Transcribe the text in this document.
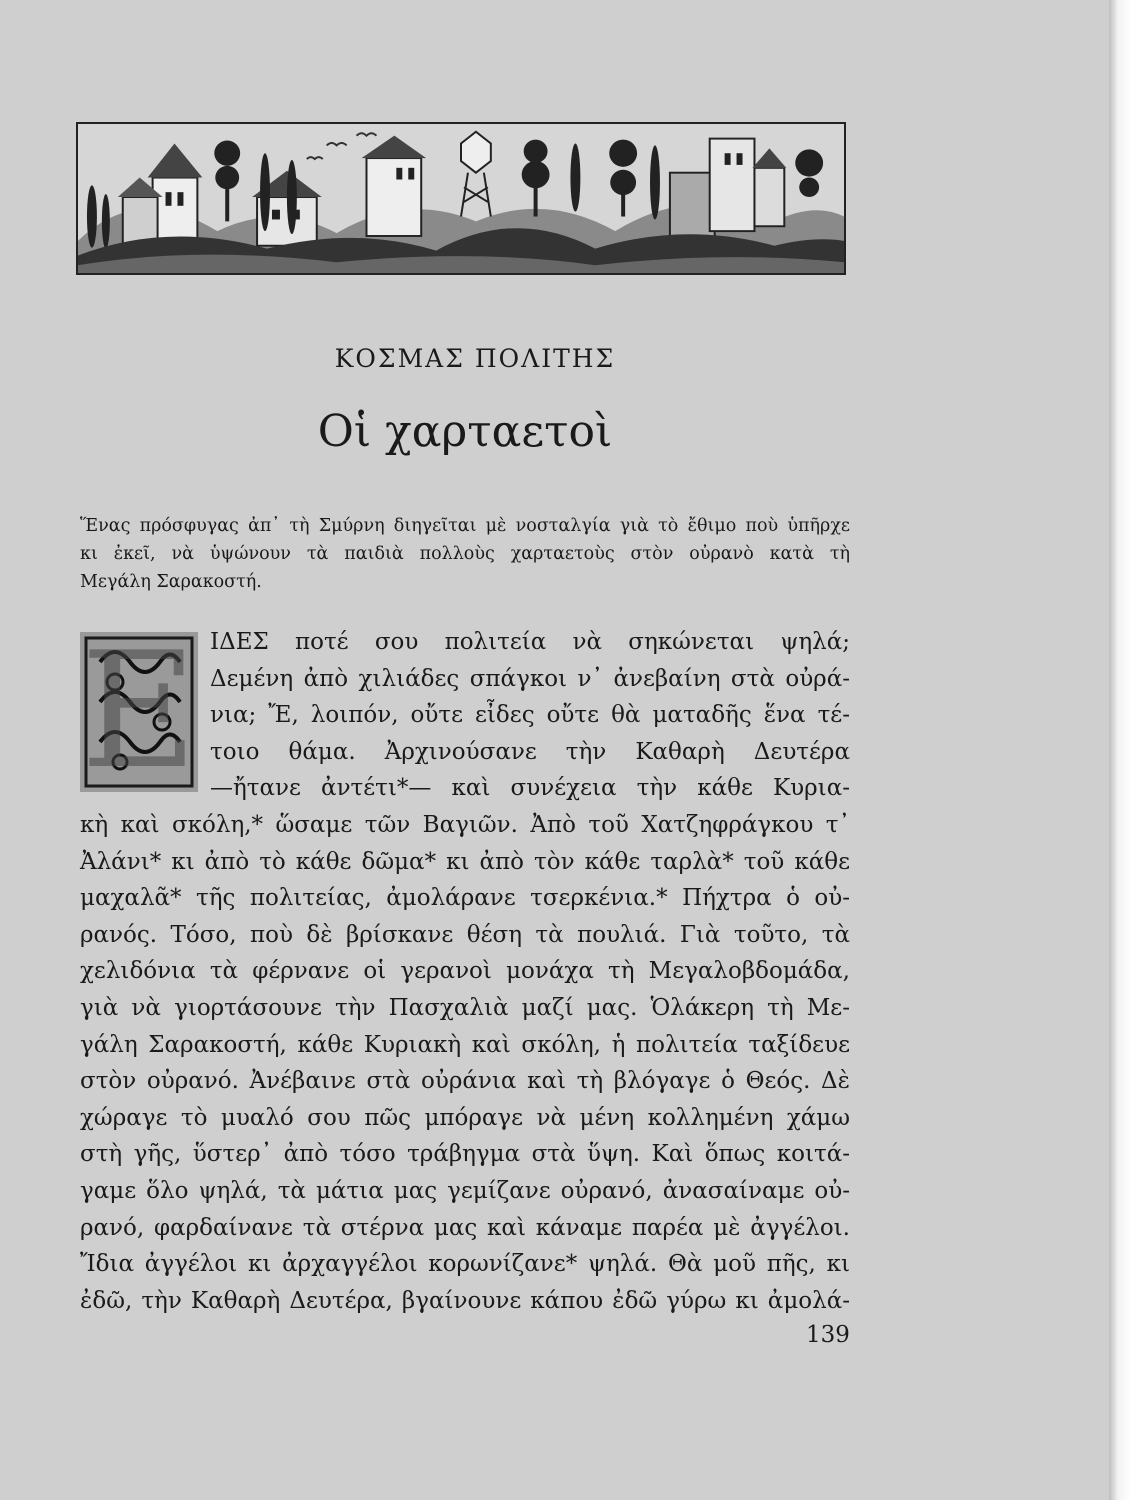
ΚΟΣΜΑΣ ΠΟΛΙΤΗΣ
Οἱ χαρταετοὶ
Ἕνας πρόσφυγας ἀπ᾽ τὴ Σμύρνη διηγεῖται μὲ νοσταλγία γιὰ τὸ ἔθιμο ποὺ ὑπῆρχε
κι ἐκεῖ, νὰ ὑψώνουν τὰ παιδιὰ πολλοὺς χαρταετοὺς στὸν οὐρανὸ κατὰ τὴ
Μεγάλη Σαρακοστή.
Ε ΙΔΕΣ ποτέ σου πολιτεία νὰ σηκώνεται ψηλά;
Δεμένη ἀπὸ χιλιάδες σπάγκοι ν᾽ ἀνεβαίνη στὰ οὐρά-
νια; Ἔ, λοιπόν, οὔτε εἶδες οὔτε θὰ ματαδῆς ἕνα τέ-
τοιο θάμα. Ἀρχινούσανε τὴν Καθαρὴ Δευτέρα
—ἤτανε ἀντέτι*— καὶ συνέχεια τὴν κάθε Κυρια-
κὴ καὶ σκόλη,* ὥσαμε τῶν Βαγιῶν. Ἀπὸ τοῦ Χατζηφράγκου τ᾽
Ἀλάνι* κι ἀπὸ τὸ κάθε δῶμα* κι ἀπὸ τὸν κάθε ταρλὰ* τοῦ κάθε
μαχαλᾶ* τῆς πολιτείας, ἀμολάρανε τσερκένια.* Πήχτρα ὁ οὐ-
ρανός. Τόσο, ποὺ δὲ βρίσκανε θέση τὰ πουλιά. Γιὰ τοῦτο, τὰ
χελιδόνια τὰ φέρνανε οἱ γερανοὶ μονάχα τὴ Μεγαλοβδομάδα,
γιὰ νὰ γιορτάσουνε τὴν Πασχαλιὰ μαζί μας. Ὁλάκερη τὴ Με-
γάλη Σαρακοστή, κάθε Κυριακὴ καὶ σκόλη, ἡ πολιτεία ταξίδευε
στὸν οὐρανό. Ἀνέβαινε στὰ οὐράνια καὶ τὴ βλόγαγε ὁ Θεός. Δὲ
χώραγε τὸ μυαλό σου πῶς μπόραγε νὰ μένη κολλημένη χάμω
στὴ γῆς, ὕστερ᾽ ἀπὸ τόσο τράβηγμα στὰ ὕψη. Καὶ ὅπως κοιτά-
γαμε ὅλο ψηλά, τὰ μάτια μας γεμίζανε οὐρανό, ἀνασαίναμε οὐ-
ρανό, φαρδαίνανε τὰ στέρνα μας καὶ κάναμε παρέα μὲ ἀγγέλοι.
Ἴδια ἀγγέλοι κι ἀρχαγγέλοι κορωνίζανε* ψηλά. Θὰ μοῦ πῆς, κι
ἐδῶ, τὴν Καθαρὴ Δευτέρα, βγαίνουνε κάπου ἐδῶ γύρω κι ἀμολά-
139
